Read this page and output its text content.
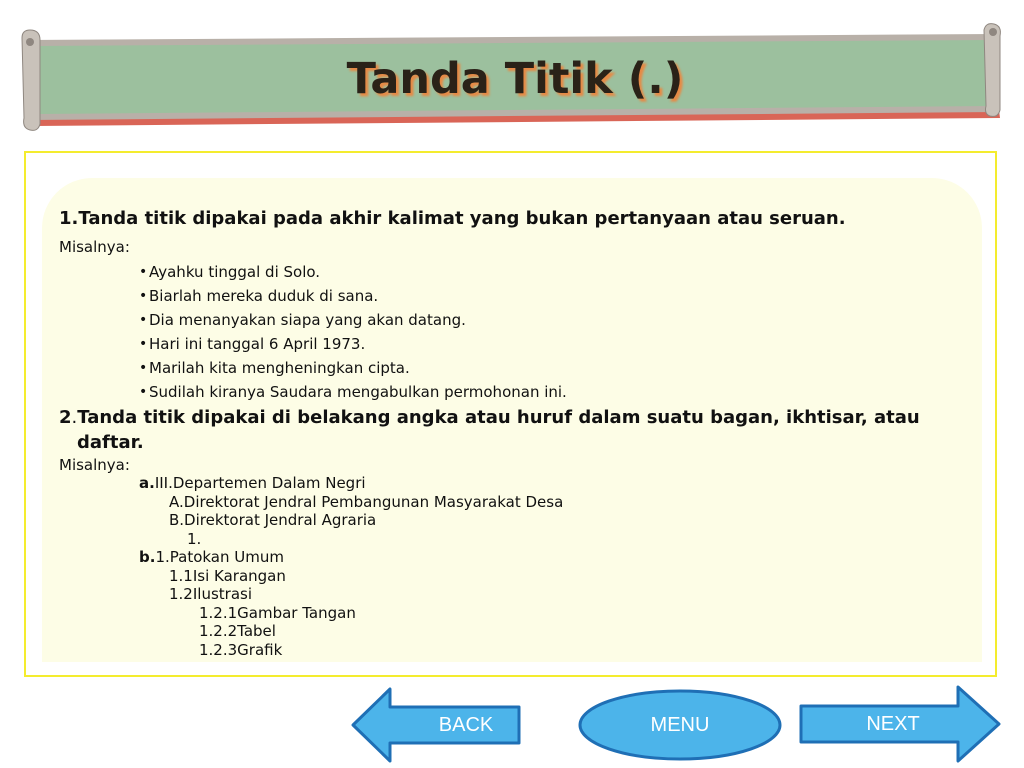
Tanda Titik (.)
1.Tanda titik dipakai pada akhir kalimat yang bukan pertanyaan atau seruan.
Misalnya:
• Ayahku tinggal di Solo.
• Biarlah mereka duduk di sana.
• Dia menanyakan siapa yang akan datang.
• Hari ini tanggal 6 April 1973.
• Marilah kita mengheningkan cipta.
• Sudilah kiranya Saudara mengabulkan permohonan ini.
2.Tanda titik dipakai di belakang angka atau huruf dalam suatu bagan, ikhtisar, atau
daftar.
Misalnya:
a.III.Departemen Dalam Negri
A.Direktorat Jendral Pembangunan Masyarakat Desa
B.Direktorat Jendral Agraria
1.
b.1.Patokan Umum
1.1Isi Karangan
1.2Ilustrasi
1.2.1Gambar Tangan
1.2.2Tabel
1.2.3Grafik
BACK	MENU	NEXT
